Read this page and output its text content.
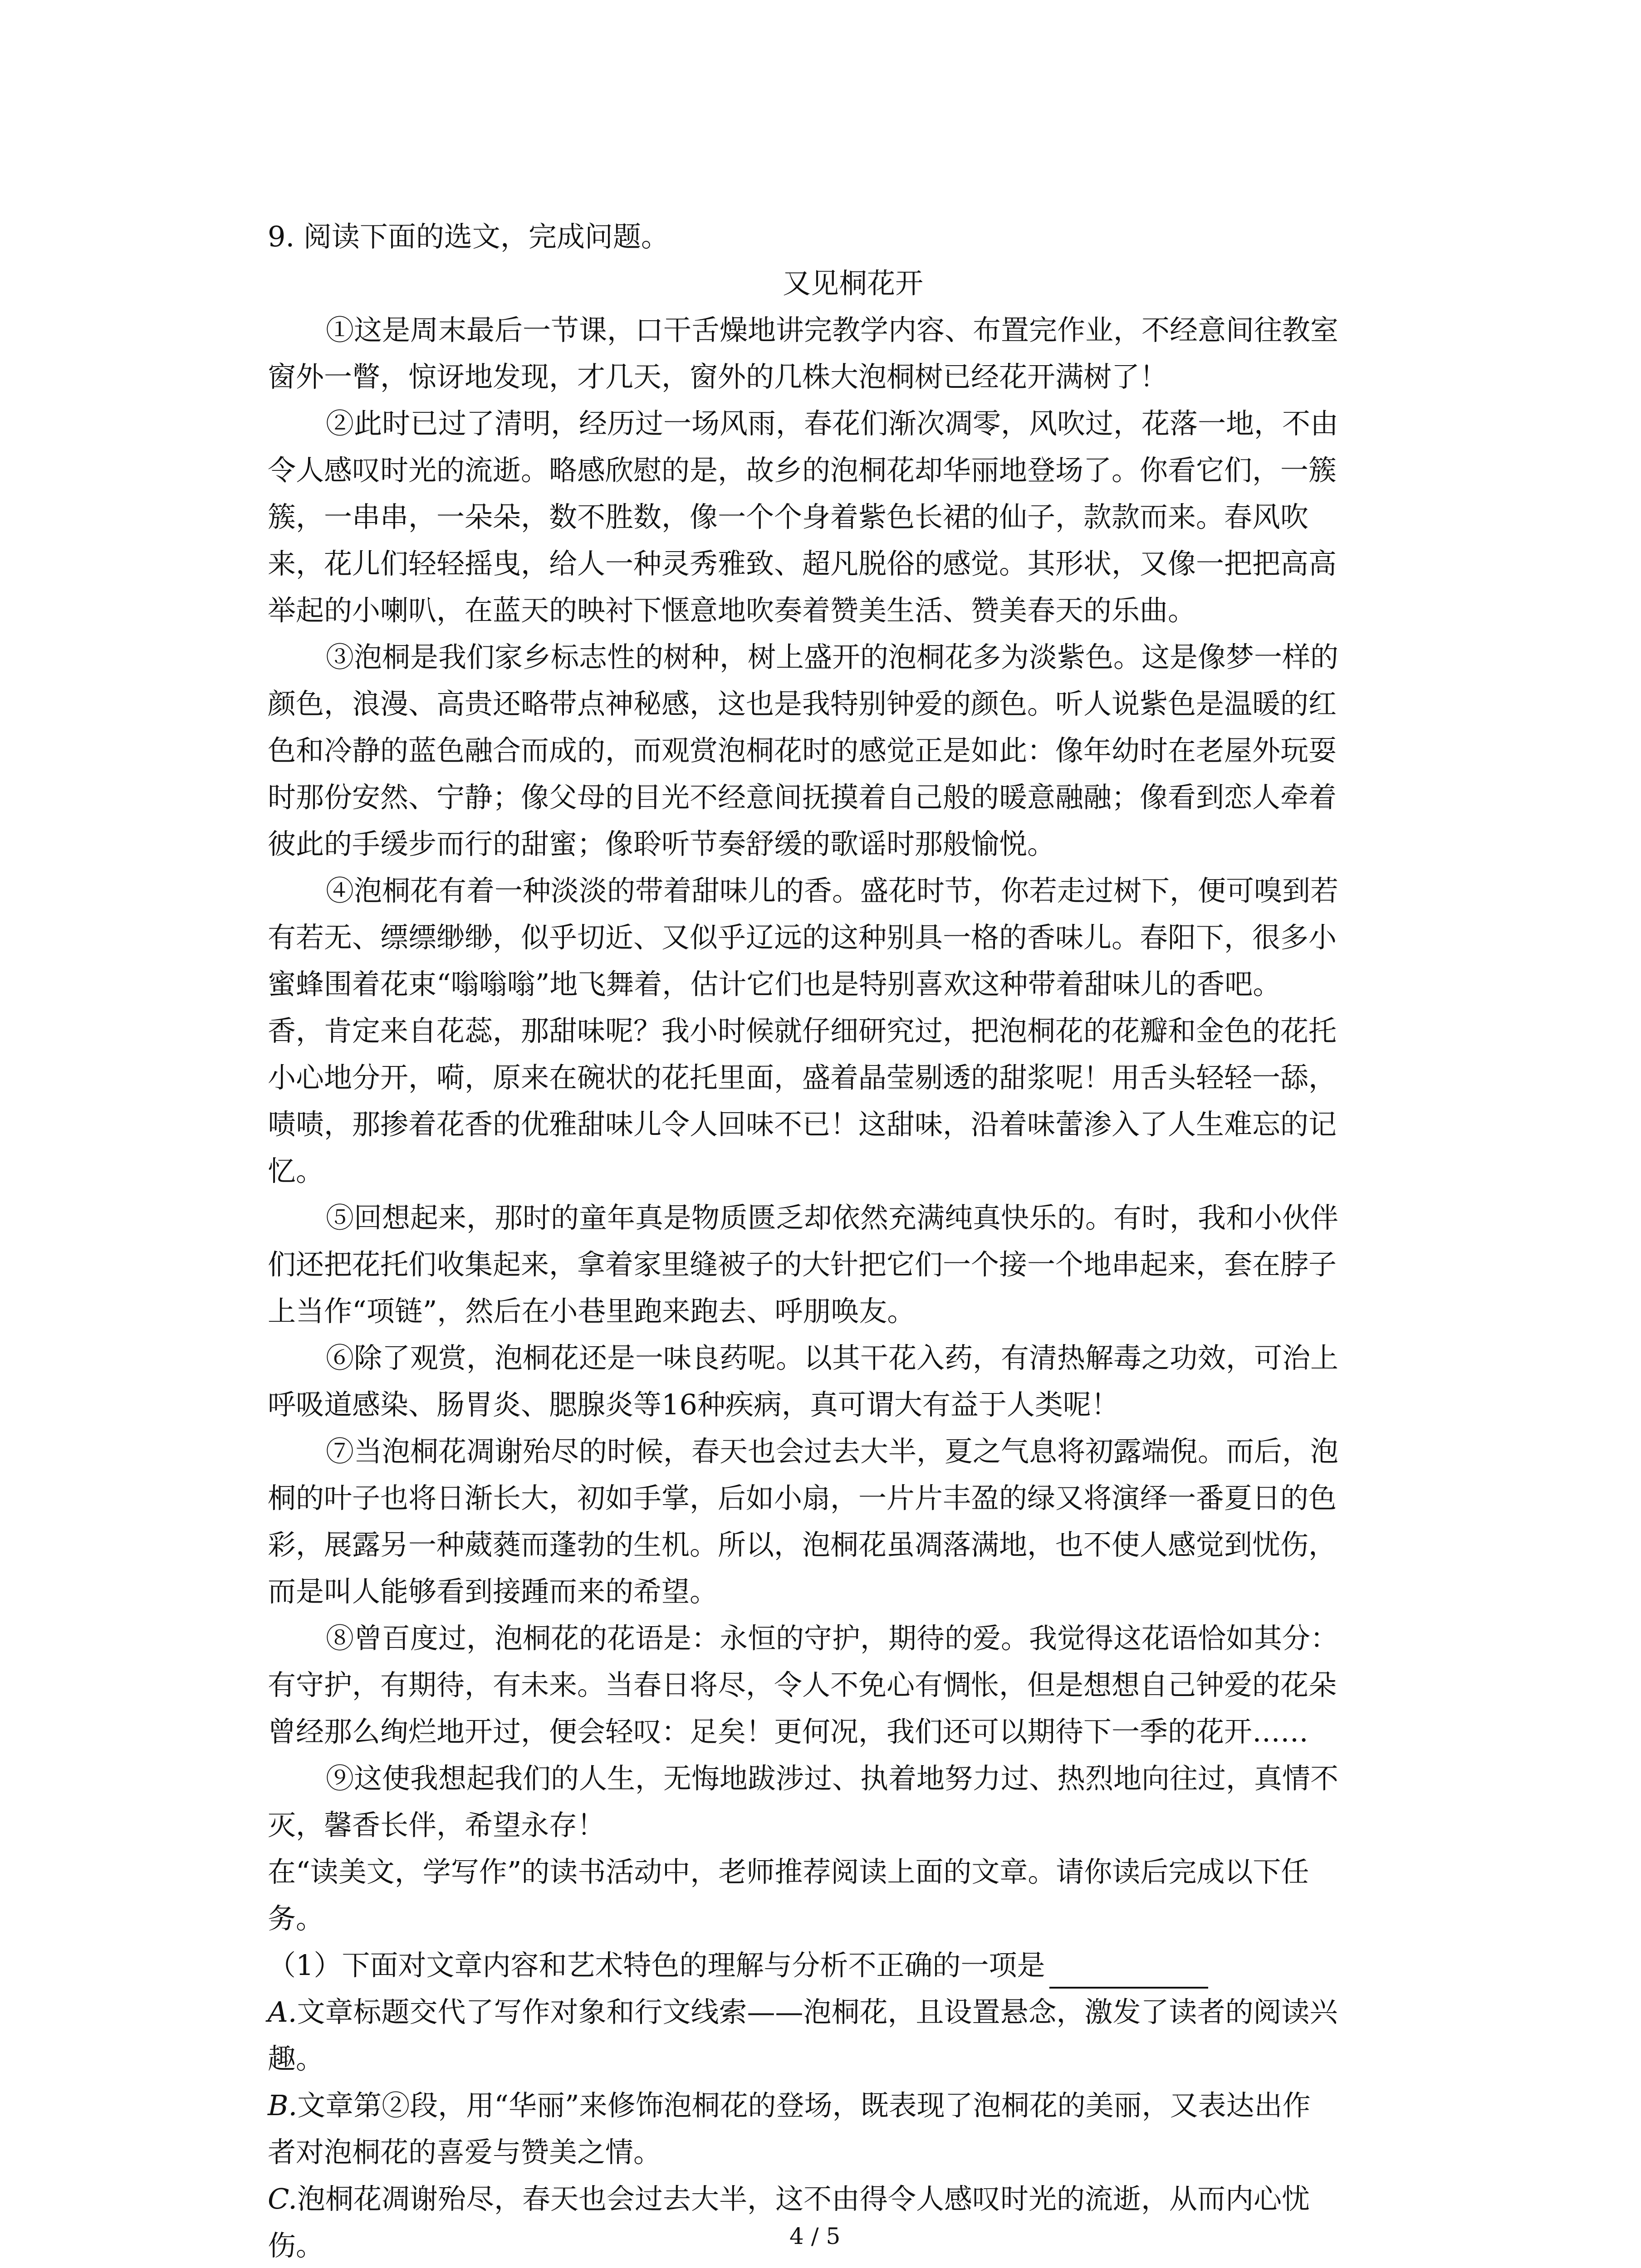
9. 阅读下面的选文，完成问题。
又见桐花开
①这是周末最后一节课，口干舌燥地讲完教学内容、布置完作业，不经意间往教室
窗外一瞥，惊讶地发现，才几天，窗外的几株大泡桐树已经花开满树了！
②此时已过了清明，经历过一场风雨，春花们渐次凋零，风吹过，花落一地，不由
令人感叹时光的流逝。略感欣慰的是，故乡的泡桐花却华丽地登场了。你看它们，一簇
簇，一串串，一朵朵，数不胜数，像一个个身着紫色长裙的仙子，款款而来。春风吹
来，花儿们轻轻摇曳，给人一种灵秀雅致、超凡脱俗的感觉。其形状，又像一把把高高
举起的小喇叭，在蓝天的映衬下惬意地吹奏着赞美生活、赞美春天的乐曲。
③泡桐是我们家乡标志性的树种，树上盛开的泡桐花多为淡紫色。这是像梦一样的
颜色，浪漫、高贵还略带点神秘感，这也是我特别钟爱的颜色。听人说紫色是温暖的红
色和冷静的蓝色融合而成的，而观赏泡桐花时的感觉正是如此：像年幼时在老屋外玩耍
时那份安然、宁静；像父母的目光不经意间抚摸着自己般的暖意融融；像看到恋人牵着
彼此的手缓步而行的甜蜜；像聆听节奏舒缓的歌谣时那般愉悦。
④泡桐花有着一种淡淡的带着甜味儿的香。盛花时节，你若走过树下，便可嗅到若
有若无、缥缥缈缈，似乎切近、又似乎辽远的这种别具一格的香味儿。春阳下，很多小
蜜蜂围着花束“嗡嗡嗡”地飞舞着，估计它们也是特别喜欢这种带着甜味儿的香吧。
香，肯定来自花蕊，那甜味呢？我小时候就仔细研究过，把泡桐花的花瓣和金色的花托
小心地分开，嗬，原来在碗状的花托里面，盛着晶莹剔透的甜浆呢！用舌头轻轻一舔，
啧啧，那掺着花香的优雅甜味儿令人回味不已！这甜味，沿着味蕾渗入了人生难忘的记
忆。
⑤回想起来，那时的童年真是物质匮乏却依然充满纯真快乐的。有时，我和小伙伴
们还把花托们收集起来，拿着家里缝被子的大针把它们一个接一个地串起来，套在脖子
上当作“项链”，然后在小巷里跑来跑去、呼朋唤友。
⑥除了观赏，泡桐花还是一味良药呢。以其干花入药，有清热解毒之功效，可治上
呼吸道感染、肠胃炎、腮腺炎等16种疾病，真可谓大有益于人类呢！
⑦当泡桐花凋谢殆尽的时候，春天也会过去大半，夏之气息将初露端倪。而后，泡
桐的叶子也将日渐长大，初如手掌，后如小扇，一片片丰盈的绿又将演绎一番夏日的色
彩，展露另一种葳蕤而蓬勃的生机。所以，泡桐花虽凋落满地，也不使人感觉到忧伤，
而是叫人能够看到接踵而来的希望。
⑧曾百度过，泡桐花的花语是：永恒的守护，期待的爱。我觉得这花语恰如其分：
有守护，有期待，有未来。当春日将尽，令人不免心有惆怅，但是想想自己钟爱的花朵
曾经那么绚烂地开过，便会轻叹：足矣！更何况，我们还可以期待下一季的花开……
⑨这使我想起我们的人生，无悔地跋涉过、执着地努力过、热烈地向往过，真情不
灭，馨香长伴，希望永存！
在“读美文，学写作”的读书活动中，老师推荐阅读上面的文章。请你读后完成以下任
务。
（1）下面对文章内容和艺术特色的理解与分析不正确的一项是
A.文章标题交代了写作对象和行文线索——泡桐花，且设置悬念，激发了读者的阅读兴
趣。
B.文章第②段，用“华丽”来修饰泡桐花的登场，既表现了泡桐花的美丽，又表达出作
者对泡桐花的喜爱与赞美之情。
C.泡桐花凋谢殆尽，春天也会过去大半，这不由得令人感叹时光的流逝，从而内心忧
伤。	4 / 5
